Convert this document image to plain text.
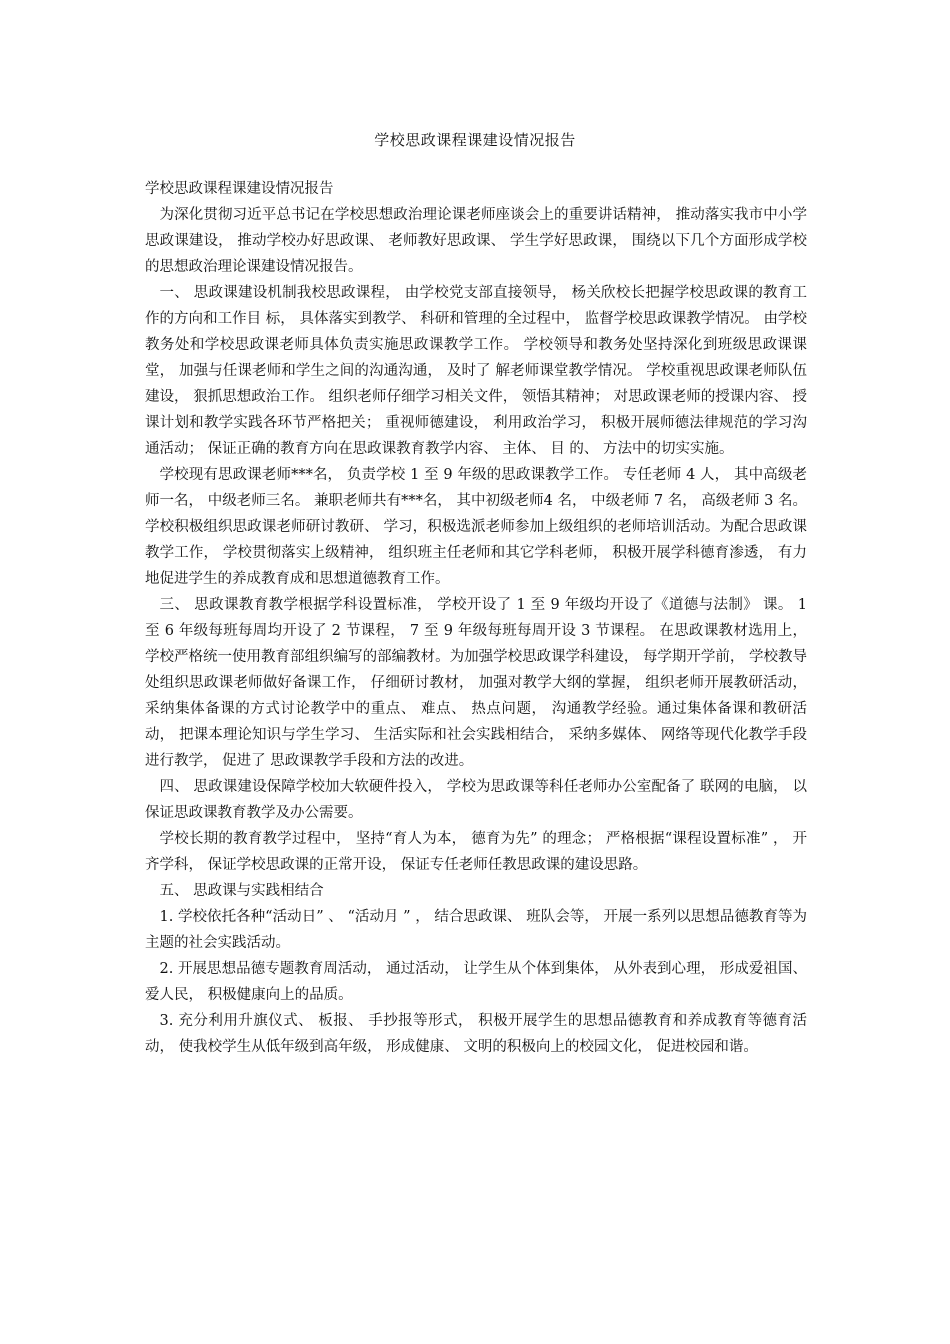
学校思政课程课建设情况报告

学校思政课程课建设情况报告

为深化贯彻习近平总书记在学校思想政治理论课老师座谈会上的重要讲话精神， 推动落实我市中小学思政课建设， 推动学校办好思政课、 老师教好思政课、 学生学好思政课， 围绕以下几个方面形成学校的思想政治理论课建设情况报告。

一、 思政课建设机制我校思政课程， 由学校党支部直接领导， 杨关欣校长把握学校思政课的教育工作的方向和工作目 标， 具体落实到教学、 科研和管理的全过程中， 监督学校思政课教学情况。 由学校教务处和学校思政课老师具体负责实施思政课教学工作。 学校领导和教务处坚持深化到班级思政课课堂， 加强与任课老师和学生之间的沟通沟通， 及时了 解老师课堂教学情况。 学校重视思政课老师队伍建设， 狠抓思想政治工作。 组织老师仔细学习相关文件， 领悟其精神； 对思政课老师的授课内容、 授课计划和教学实践各环节严格把关； 重视师德建设， 利用政治学习， 积极开展师德法律规范的学习沟通活动； 保证正确的教育方向在思政课教育教学内容、 主体、 目 的、 方法中的切实实施。

学校现有思政课老师***名， 负责学校 1 至 9 年级的思政课教学工作。 专任老师 4 人， 其中高级老师一名， 中级老师三名。 兼职老师共有***名， 其中初级老师4 名， 中级老师 7 名， 高级老师 3 名。 学校积极组织思政课老师研讨教研、 学习，积极选派老师参加上级组织的老师培训活动。为配合思政课教学工作， 学校贯彻落实上级精神， 组织班主任老师和其它学科老师， 积极开展学科德育渗透， 有力地促进学生的养成教育成和思想道德教育工作。

三、 思政课教育教学根据学科设置标准， 学校开设了 1 至 9 年级均开设了《道德与法制》 课。 1 至 6 年级每班每周均开设了 2 节课程， 7 至 9 年级每班每周开设 3 节课程。 在思政课教材选用上， 学校严格统一使用教育部组织编写的部编教材。为加强学校思政课学科建设， 每学期开学前， 学校教导处组织思政课老师做好备课工作， 仔细研讨教材， 加强对教学大纲的掌握， 组织老师开展教研活动，采纳集体备课的方式讨论教学中的重点、 难点、 热点问题， 沟通教学经验。通过集体备课和教研活动， 把课本理论知识与学生学习、 生活实际和社会实践相结合， 采纳多媒体、 网络等现代化教学手段进行教学， 促进了 思政课教学手段和方法的改进。

四、 思政课建设保障学校加大软硬件投入， 学校为思政课等科任老师办公室配备了 联网的电脑， 以保证思政课教育教学及办公需要。

学校长期的教育教学过程中， 坚持“育人为本， 德育为先” 的理念； 严格根据“课程设置标准” ， 开齐学科， 保证学校思政课的正常开设， 保证专任老师任教思政课的建设思路。

五、 思政课与实践相结合

1. 学校依托各种“活动日” 、 “活动月 ” ， 结合思政课、 班队会等， 开展一系列以思想品德教育等为主题的社会实践活动。

2. 开展思想品德专题教育周活动， 通过活动， 让学生从个体到集体， 从外表到心理， 形成爱祖国、 爱人民， 积极健康向上的品质。

3. 充分利用升旗仪式、 板报、 手抄报等形式， 积极开展学生的思想品德教育和养成教育等德育活动， 使我校学生从低年级到高年级， 形成健康、 文明的积极向上的校园文化， 促进校园和谐。
